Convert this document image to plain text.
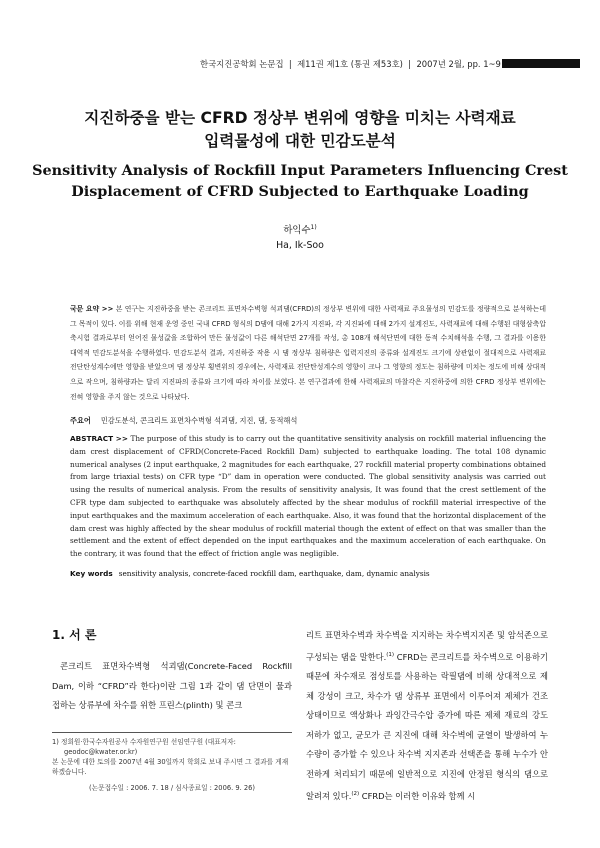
한국지진공학회 논문집  |  제11권 제1호 (통권 제53호)  |  2007년 2월, pp. 1~9
지진하중을 받는 CFRD 정상부 변위에 영향을 미치는 사력재료
입력물성에 대한 민감도분석
Sensitivity Analysis of Rockfill Input Parameters Influencing Crest
Displacement of CFRD Subjected to Earthquake Loading
하익수$^{1)}$
Ha, Ik-Soo
국문 요약 >> 본 연구는 지진하중을 받는 콘크리트 표면차수벽형 석괴댐(CFRD)의 정상부 변위에 대한 사력재료 주요물성의 민감도를 정량적으로 분석하는데 그 목적이 있다. 이를 위해 현재 운영 중인 국내 CFRD 형식의 D댐에 대해 2가지 지진파, 각 지진파에 대해 2가지 설계진도, 사력재료에 대해 수행된 대형삼축압축시험 결과로부터 얻어진 물성값을 조합하여 만든 물성값이 다른 해석단면 27개를 작성, 총 108개 해석단면에 대한 동적 수치해석을 수행, 그 결과를 이용한 대역적 민감도분석을 수행하였다. 민감도분석 결과, 지진하중 작용 시 댐 정상부 침하량은 입력지진의 종류와 설계진도 크기에 상관없이 절대적으로 사력재료 전단탄성계수에만 영향을 받았으며 댐 정상부 횡변위의 경우에는, 사력재료 전단탄성계수의 영향이 크나 그 영향의 정도는 침하량에 미치는 정도에 비해 상대적으로 작으며, 침하량과는 달리 지진파의 종류와 크기에 따라 차이를 보였다. 본 연구결과에 한해 사력재료의 마찰각은 지진하중에 의한 CFRD 정상부 변위에는 전혀 영향을 주지 않는 것으로 나타났다.
주요어 민감도분석, 콘크리트 표면차수벽형 석괴댐, 지진, 댐, 동적해석
ABSTRACT >> The purpose of this study is to carry out the quantitative sensitivity analysis on rockfill material influencing the dam crest displacement of CFRD(Concrete-Faced Rockfill Dam) subjected to earthquake loading. The total 108 dynamic numerical analyses (2 input earthquake, 2 magnitudes for each earthquake, 27 rockfill material property combinations obtained from large triaxial tests) on CFR type “D” dam in operation were conducted. The global sensitivity analysis was carried out using the results of numerical analysis. From the results of sensitivity analysis, It was found that the crest settlement of the CFR type dam subjected to earthquake was absolutely affected by the shear modulus of rockfill material irrespective of the input earthquakes and the maximum acceleration of each earthquake. Also, it was found that the horizontal displacement of the dam crest was highly affected by the shear modulus of rockfill material though the extent of effect on that was smaller than the settlement and the extent of effect depended on the input earthquakes and the maximum acceleration of each earthquake. On the contrary, it was found that the effect of friction angle was negligible.
Key words sensitivity analysis, concrete-faced rockfill dam, earthquake, dam, dynamic analysis
1. 서 론

콘크리트 표면차수벽형 석괴댐(Concrete-Faced Rockfill Dam, 이하 “CFRD”라 한다)이란 그림 1과 같이 댐 단면이 물과 접하는 상류부에 차수를 위한 프린스(plinth) 및 콘크

1) 정회원·한국수자원공사 수자원연구원 선임연구원 (대표저자: geodoc@kwater.or.kr)

본 논문에 대한 토의를 2007년 4월 30일까지 학회로 보내 주시면 그 결과를 게재하겠습니다.

(논문접수일 : 2006. 7. 18 / 심사종료일 : 2006. 9. 26)

리트 표면차수벽과 차수벽을 지지하는 차수벽지지존 및 암석존으로 구성되는 댐을 말한다.$^{(1)}$ CFRD는 콘크리트를 차수벽으로 이용하기 때문에 차수재로 점성토를 사용하는 락필댐에 비해 상대적으로 제체 강성이 크고, 차수가 댐 상류부 표면에서 이루어져 제체가 건조상태이므로 액상화나 과잉간극수압 증가에 따른 제체 재료의 강도저하가 없고, 균모가 큰 지진에 대해 차수벽에 균열이 발생하여 누수량이 증가할 수 있으나 차수벽 지지존과 선택존을 통해 누수가 안전하게 처리되기 때문에 일반적으로 지진에 안정된 형식의 댐으로 알려져 있다.$^{(2)}$ CFRD는 이러한 이유와 함께 시
